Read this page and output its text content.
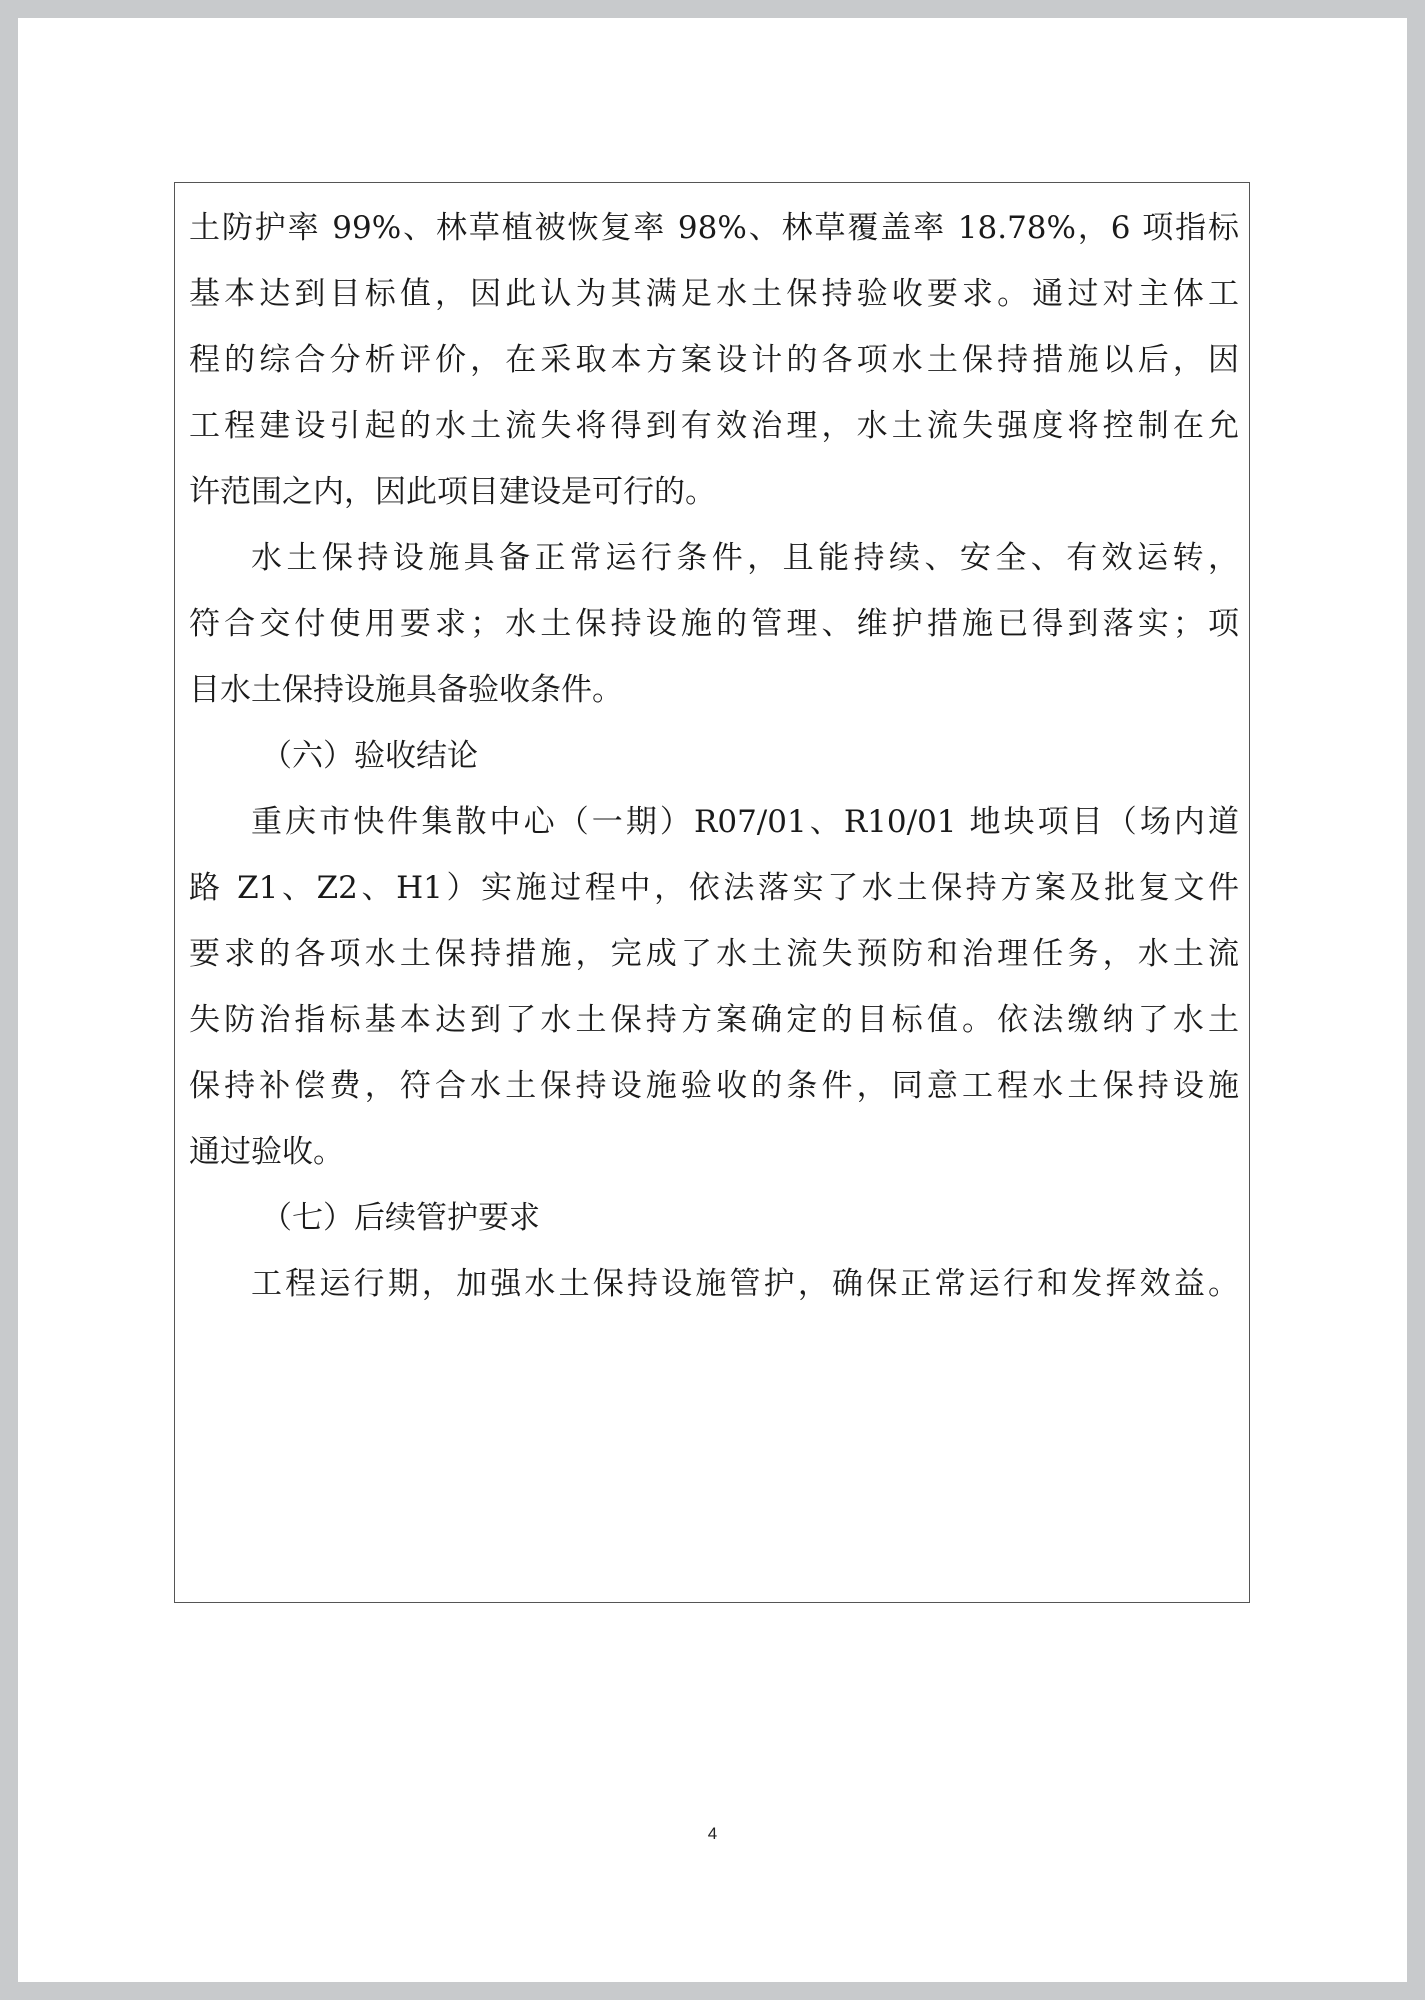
土防护率 99%、林草植被恢复率 98%、林草覆盖率 18.78%，6 项指标
基本达到目标值，因此认为其满足水土保持验收要求。通过对主体工
程的综合分析评价，在采取本方案设计的各项水土保持措施以后，因
工程建设引起的水土流失将得到有效治理，水土流失强度将控制在允
许范围之内，因此项目建设是可行的。
水土保持设施具备正常运行条件，且能持续、安全、有效运转，
符合交付使用要求；水土保持设施的管理、维护措施已得到落实；项
目水土保持设施具备验收条件。
（六）验收结论
重庆市快件集散中心（一期）R07/01、R10/01 地块项目（场内道
路 Z1、Z2、H1）实施过程中，依法落实了水土保持方案及批复文件
要求的各项水土保持措施，完成了水土流失预防和治理任务，水土流
失防治指标基本达到了水土保持方案确定的目标值。依法缴纳了水土
保持补偿费，符合水土保持设施验收的条件，同意工程水土保持设施
通过验收。
（七）后续管护要求
工程运行期，加强水土保持设施管护，确保正常运行和发挥效益。
4
